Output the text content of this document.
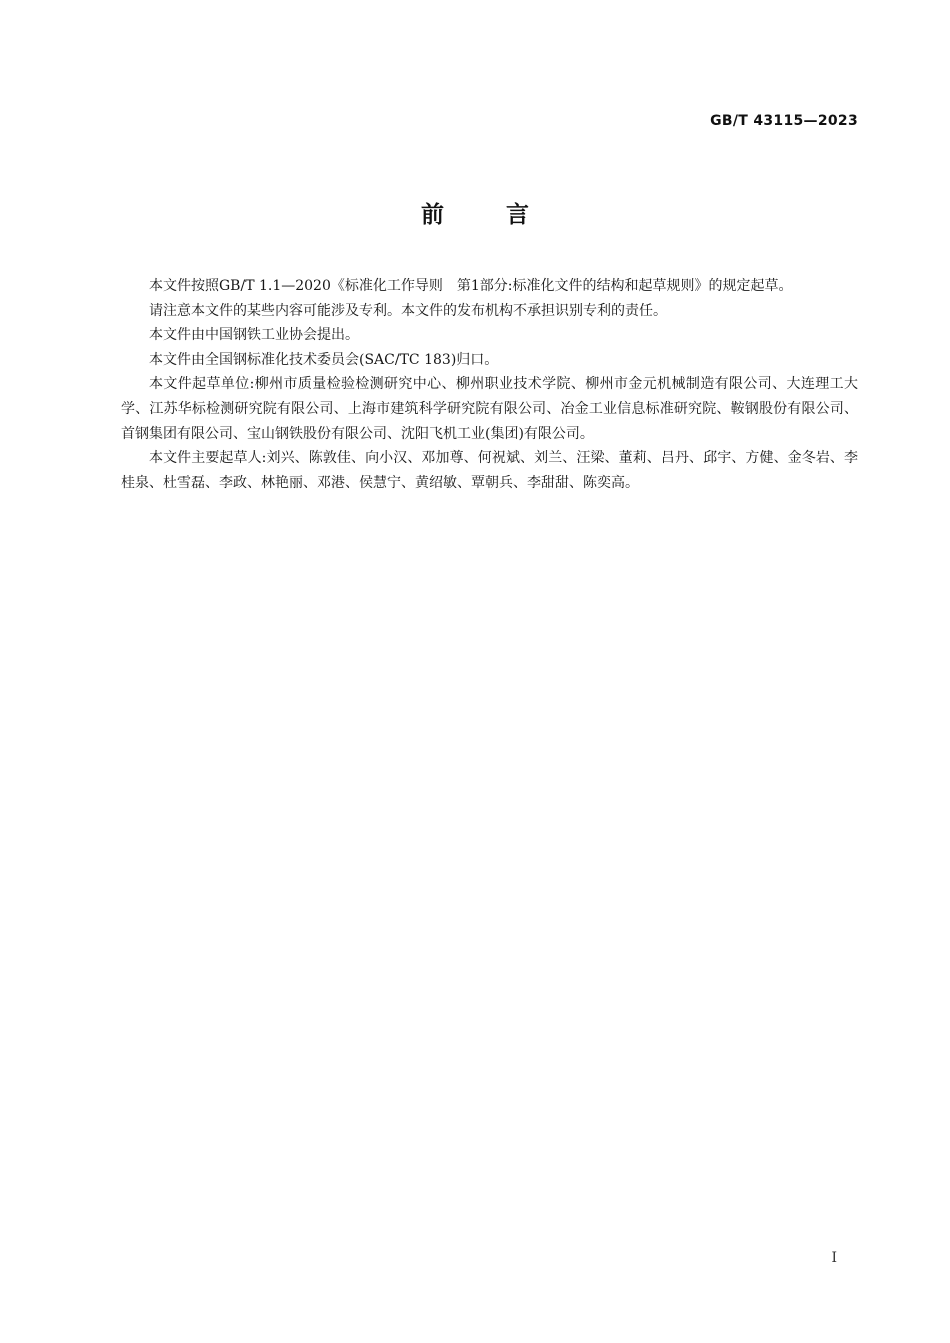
GB/T 43115—2023
前言

本文件按照GB/T 1.1—2020《标准化工作导则　第1部分:标准化文件的结构和起草规则》的规定起草。

请注意本文件的某些内容可能涉及专利。本文件的发布机构不承担识别专利的责任。

本文件由中国钢铁工业协会提出。

本文件由全国钢标准化技术委员会(SAC/TC 183)归口。

本文件起草单位:柳州市质量检验检测研究中心、柳州职业技术学院、柳州市金元机械制造有限公司、大连理工大学、江苏华标检测研究院有限公司、上海市建筑科学研究院有限公司、冶金工业信息标准研究院、鞍钢股份有限公司、首钢集团有限公司、宝山钢铁股份有限公司、沈阳飞机工业(集团)有限公司。

本文件主要起草人:刘兴、陈敦佳、向小汉、邓加尊、何祝斌、刘兰、汪梁、董莉、吕丹、邱宇、方健、金冬岩、李桂泉、杜雪磊、李政、林艳丽、邓港、侯慧宁、黄绍敏、覃朝兵、李甜甜、陈奕高。

I
